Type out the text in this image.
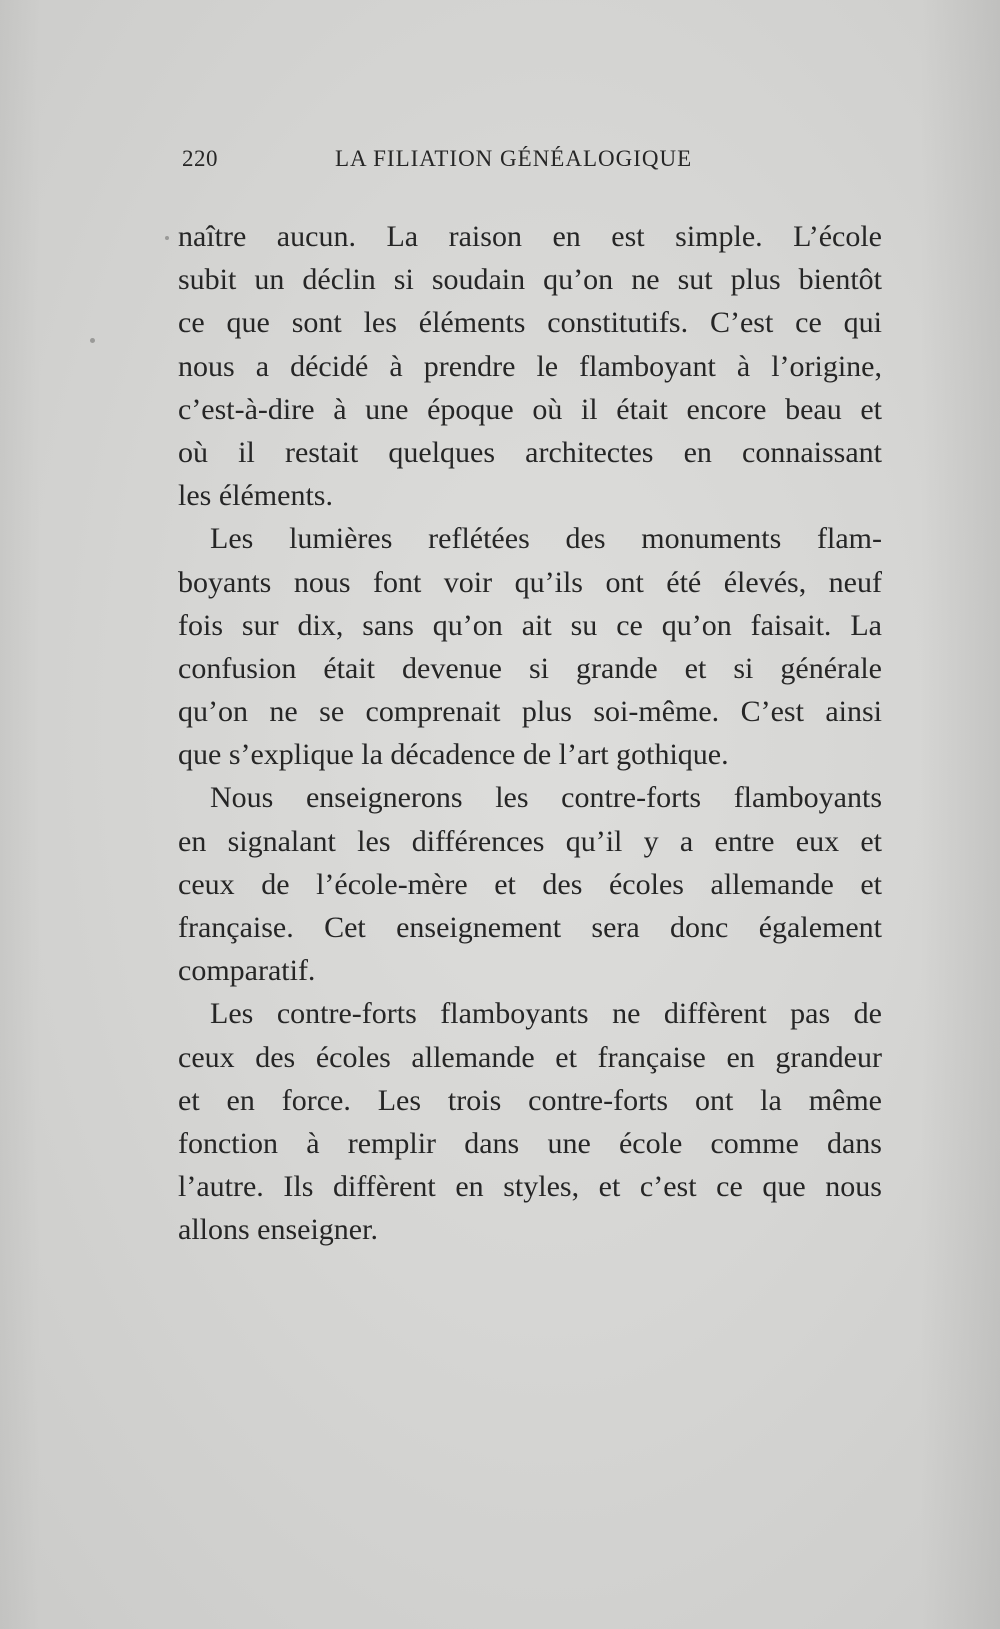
220	LA FILIATION GÉNÉALOGIQUE
naître aucun. La raison en est simple. L’école
subit un déclin si soudain qu’on ne sut plus bientôt
ce que sont les éléments constitutifs. C’est ce qui
nous a décidé à prendre le flamboyant à l’origine,
c’est-à-dire à une époque où il était encore beau et
où il restait quelques architectes en connaissant
les éléments.
Les lumières reflétées des monuments flam-
boyants nous font voir qu’ils ont été élevés, neuf
fois sur dix, sans qu’on ait su ce qu’on faisait. La
confusion était devenue si grande et si générale
qu’on ne se comprenait plus soi-même. C’est ainsi
que s’explique la décadence de l’art gothique.
Nous enseignerons les contre-forts flamboyants
en signalant les différences qu’il y a entre eux et
ceux de l’école-mère et des écoles allemande et
française. Cet enseignement sera donc également
comparatif.
Les contre-forts flamboyants ne diffèrent pas de
ceux des écoles allemande et française en grandeur
et en force. Les trois contre-forts ont la même
fonction à remplir dans une école comme dans
l’autre. Ils diffèrent en styles, et c’est ce que nous
allons enseigner.
